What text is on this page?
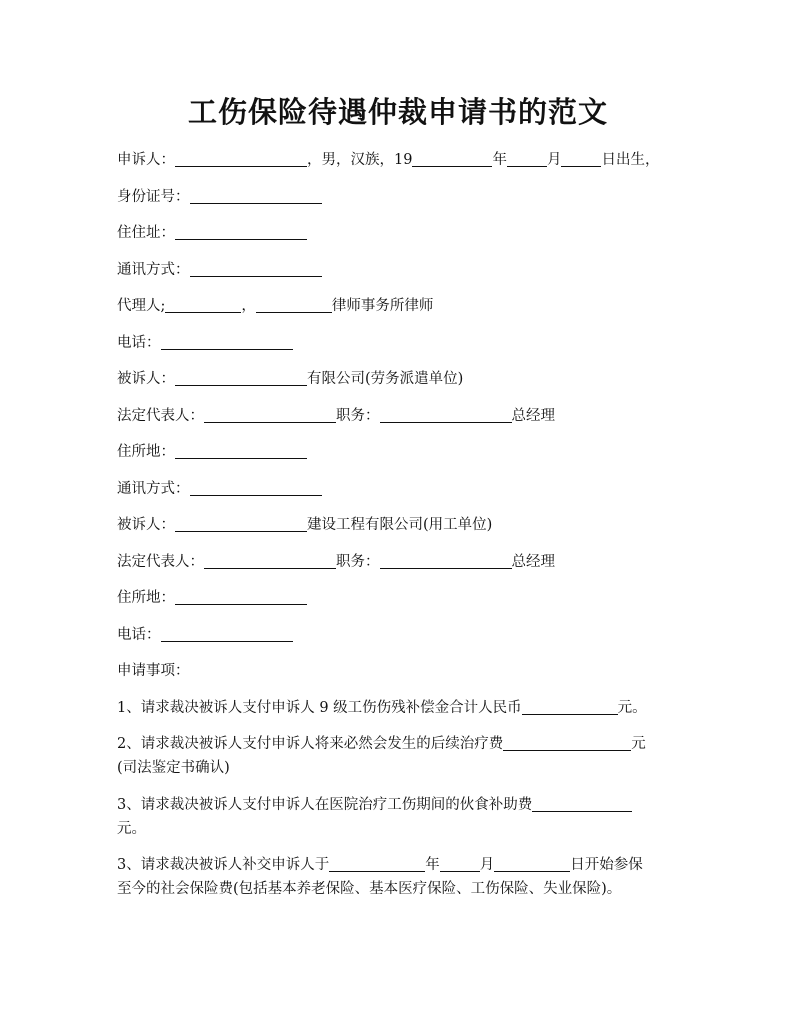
工伤保险待遇仲裁申请书的范文
申诉人：	，男，汉族，19	年	月	日出生，
身份证号：
住住址：
通讯方式：
代理人;	，	律师事务所律师
电话：
被诉人：	有限公司(劳务派遣单位)
法定代表人：	职务：	总经理
住所地：
通讯方式：
被诉人：	建设工程有限公司(用工单位)
法定代表人：	职务：	总经理
住所地：
电话：
申请事项：
1、请求裁决被诉人支付申诉人 9 级工伤伤残补偿金合计人民币	元。
2、请求裁决被诉人支付申诉人将来必然会发生的后续治疗费	元
(司法鉴定书确认)
3、请求裁决被诉人支付申诉人在医院治疗工伤期间的伙食补助费
元。
3、请求裁决被诉人补交申诉人于	年	月	日开始参保
至今的社会保险费(包括基本养老保险、基本医疗保险、工伤保险、失业保险)。
